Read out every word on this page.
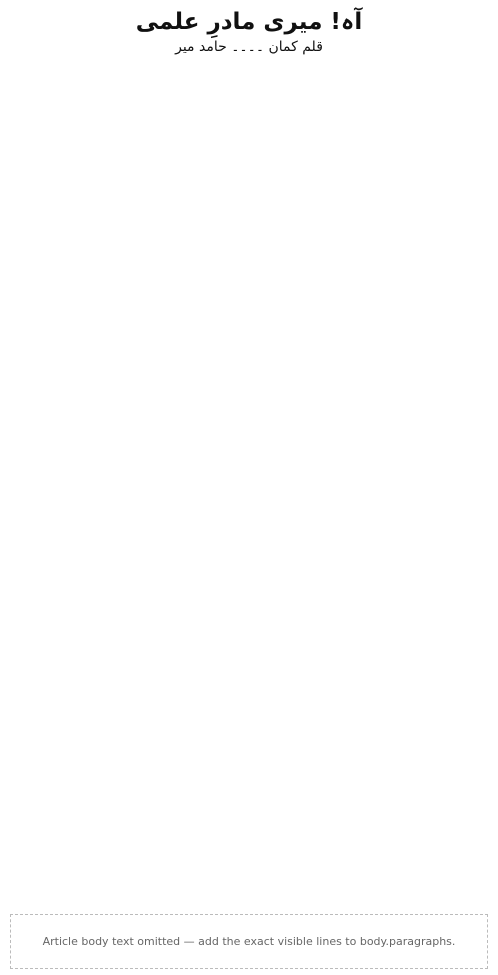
آہ! میری مادرِ علمی
قلم کمان ۔۔۔۔ حامد میر
Article body text omitted — add the exact visible lines to body.paragraphs.
